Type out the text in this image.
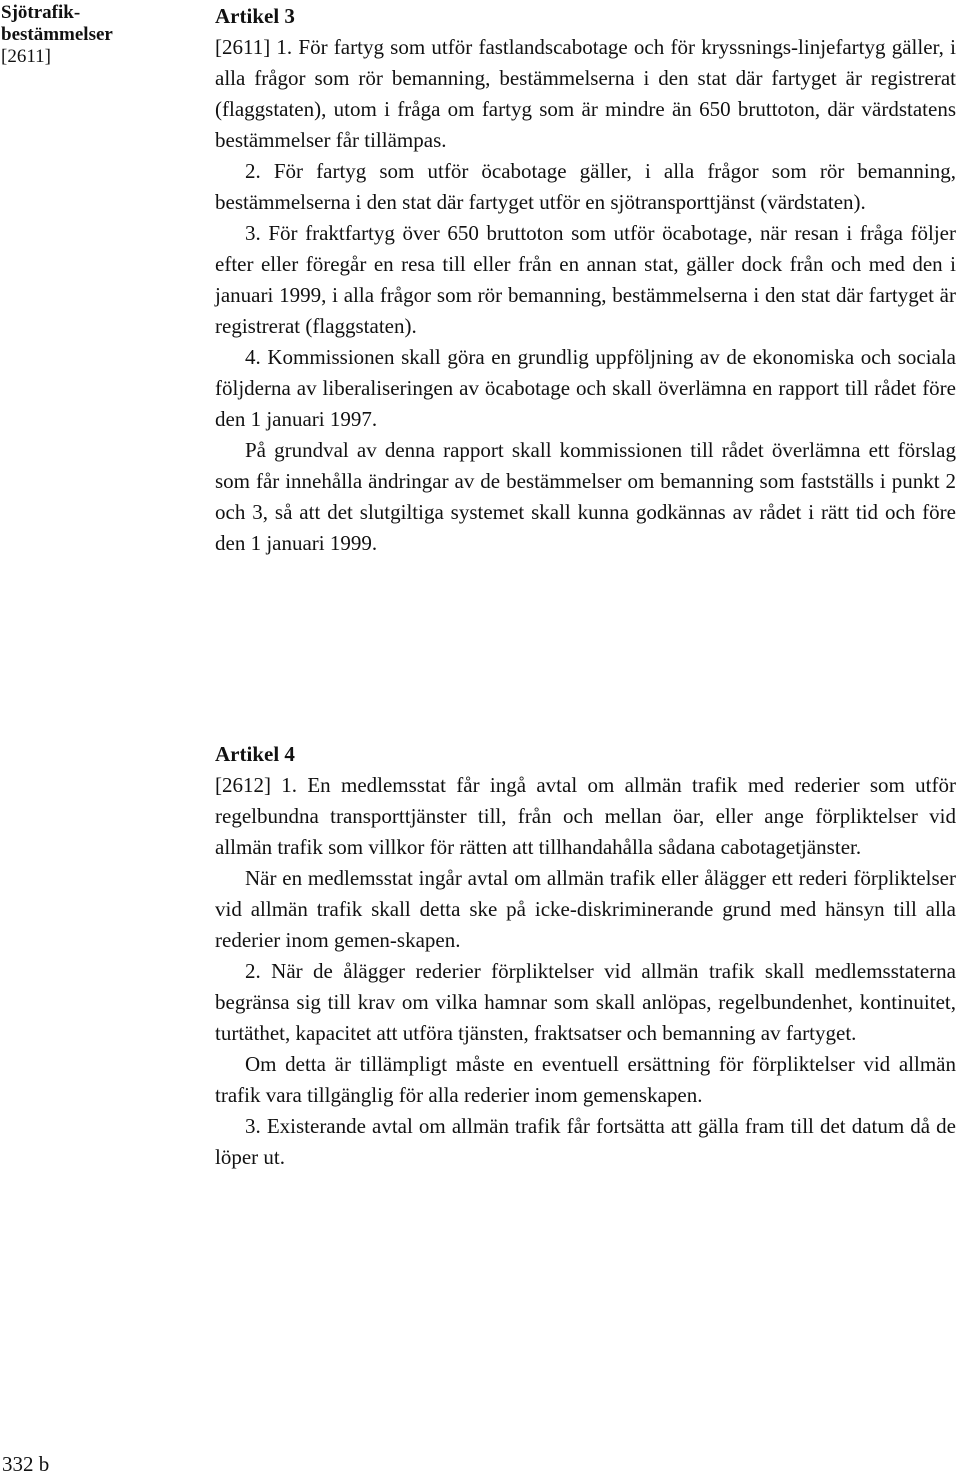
Sjötrafik-
bestämmelser
[2611]
Artikel 3

[2611] 1. För fartyg som utför fastlandscabotage och för kryssnings-linjefartyg gäller, i alla frågor som rör bemanning, bestämmelserna i den stat där fartyget är registrerat (flaggstaten), utom i fråga om fartyg som är mindre än 650 bruttoton, där värdstatens bestämmelser får tillämpas.

2. För fartyg som utför öcabotage gäller, i alla frågor som rör bemanning, bestämmelserna i den stat där fartyget utför en sjötransporttjänst (värdstaten).

3. För fraktfartyg över 650 bruttoton som utför öcabotage, när resan i fråga följer efter eller föregår en resa till eller från en annan stat, gäller dock från och med den i januari 1999, i alla frågor som rör bemanning, bestämmelserna i den stat där fartyget är registrerat (flaggstaten).

4. Kommissionen skall göra en grundlig uppföljning av de ekonomiska och sociala följderna av liberaliseringen av öcabotage och skall överlämna en rapport till rådet före den 1 januari 1997.

På grundval av denna rapport skall kommissionen till rådet överlämna ett förslag som får innehålla ändringar av de bestämmelser om bemanning som fastställs i punkt 2 och 3, så att det slutgiltiga systemet skall kunna godkännas av rådet i rätt tid och före den 1 januari 1999.

Artikel 4

[2612] 1. En medlemsstat får ingå avtal om allmän trafik med rederier som utför regelbundna transporttjänster till, från och mellan öar, eller ange förpliktelser vid allmän trafik som villkor för rätten att tillhandahålla sådana cabotagetjänster.

När en medlemsstat ingår avtal om allmän trafik eller ålägger ett rederi förpliktelser vid allmän trafik skall detta ske på icke-diskriminerande grund med hänsyn till alla rederier inom gemen-skapen.

2. När de ålägger rederier förpliktelser vid allmän trafik skall medlemsstaterna begränsa sig till krav om vilka hamnar som skall anlöpas, regelbundenhet, kontinuitet, turtäthet, kapacitet att utföra tjänsten, fraktsatser och bemanning av fartyget.

Om detta är tillämpligt måste en eventuell ersättning för förpliktelser vid allmän trafik vara tillgänglig för alla rederier inom gemenskapen.

3. Existerande avtal om allmän trafik får fortsätta att gälla fram till det datum då de löper ut.

332 b
